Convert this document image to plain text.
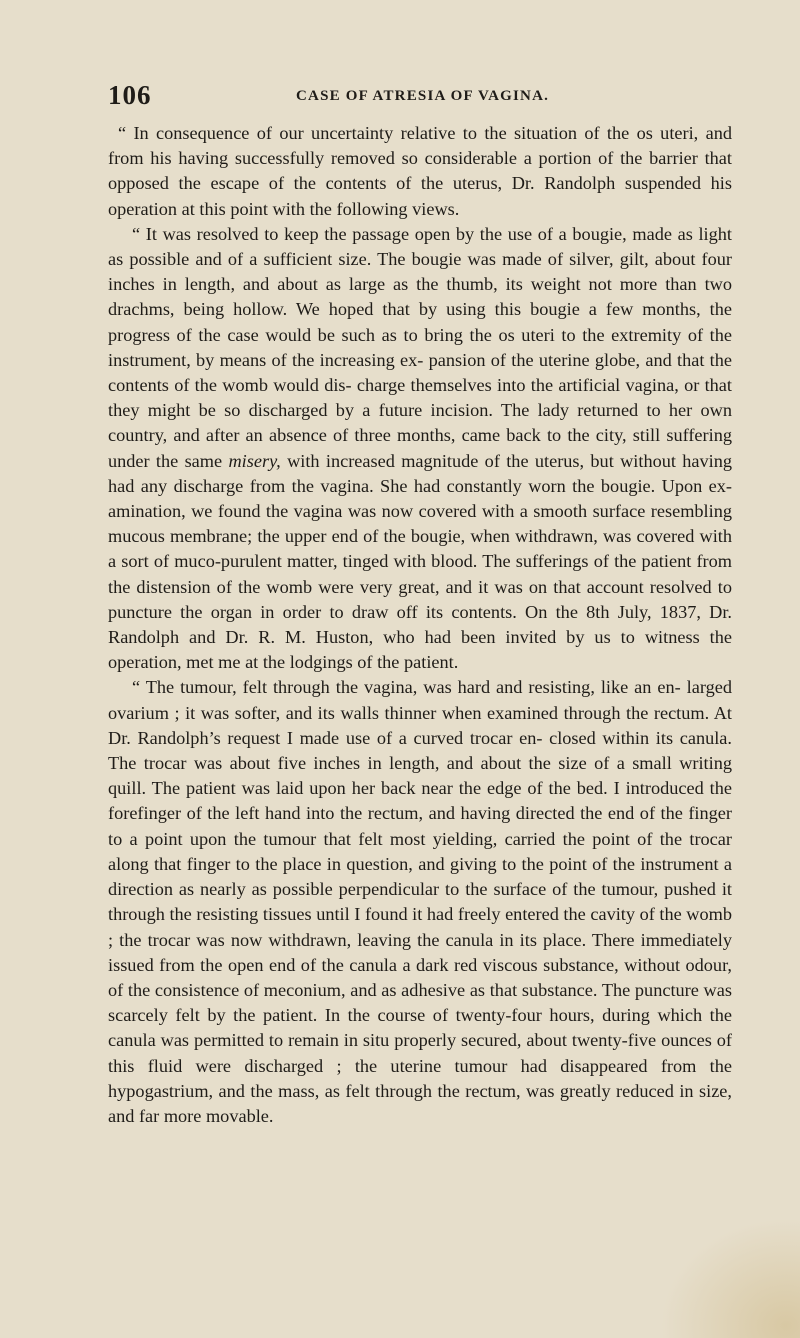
106	CASE OF ATRESIA OF VAGINA.

“ In consequence of our uncertainty relative to the situation of the os uteri, and from his having successfully removed so considerable a portion of the barrier that opposed the escape of the contents of the uterus, Dr. Randolph suspended his operation at this point with the following views.

“ It was resolved to keep the passage open by the use of a bougie, made as light as possible and of a sufficient size. The bougie was made of silver, gilt, about four inches in length, and about as large as the thumb, its weight not more than two drachms, being hollow. We hoped that by using this bougie a few months, the progress of the case would be such as to bring the os uteri to the extremity of the instrument, by means of the increasing ex- pansion of the uterine globe, and that the contents of the womb would dis- charge themselves into the artificial vagina, or that they might be so discharged by a future incision. The lady returned to her own country, and after an absence of three months, came back to the city, still suffering under the same misery, with increased magnitude of the uterus, but without having had any discharge from the vagina. She had constantly worn the bougie. Upon ex- amination, we found the vagina was now covered with a smooth surface resembling mucous membrane; the upper end of the bougie, when withdrawn, was covered with a sort of muco-purulent matter, tinged with blood. The sufferings of the patient from the distension of the womb were very great, and it was on that account resolved to puncture the organ in order to draw off its contents. On the 8th July, 1837, Dr. Randolph and Dr. R. M. Huston, who had been invited by us to witness the operation, met me at the lodgings of the patient.

“ The tumour, felt through the vagina, was hard and resisting, like an en- larged ovarium ; it was softer, and its walls thinner when examined through the rectum. At Dr. Randolph’s request I made use of a curved trocar en- closed within its canula. The trocar was about five inches in length, and about the size of a small writing quill. The patient was laid upon her back near the edge of the bed. I introduced the forefinger of the left hand into the rectum, and having directed the end of the finger to a point upon the tumour that felt most yielding, carried the point of the trocar along that finger to the place in question, and giving to the point of the instrument a direction as nearly as possible perpendicular to the surface of the tumour, pushed it through the resisting tissues until I found it had freely entered the cavity of the womb ; the trocar was now withdrawn, leaving the canula in its place. There immediately issued from the open end of the canula a dark red viscous substance, without odour, of the consistence of meconium, and as adhesive as that substance. The puncture was scarcely felt by the patient. In the course of twenty-four hours, during which the canula was permitted to remain in situ properly secured, about twenty-five ounces of this fluid were discharged ; the uterine tumour had disappeared from the hypogastrium, and the mass, as felt through the rectum, was greatly reduced in size, and far more movable.
